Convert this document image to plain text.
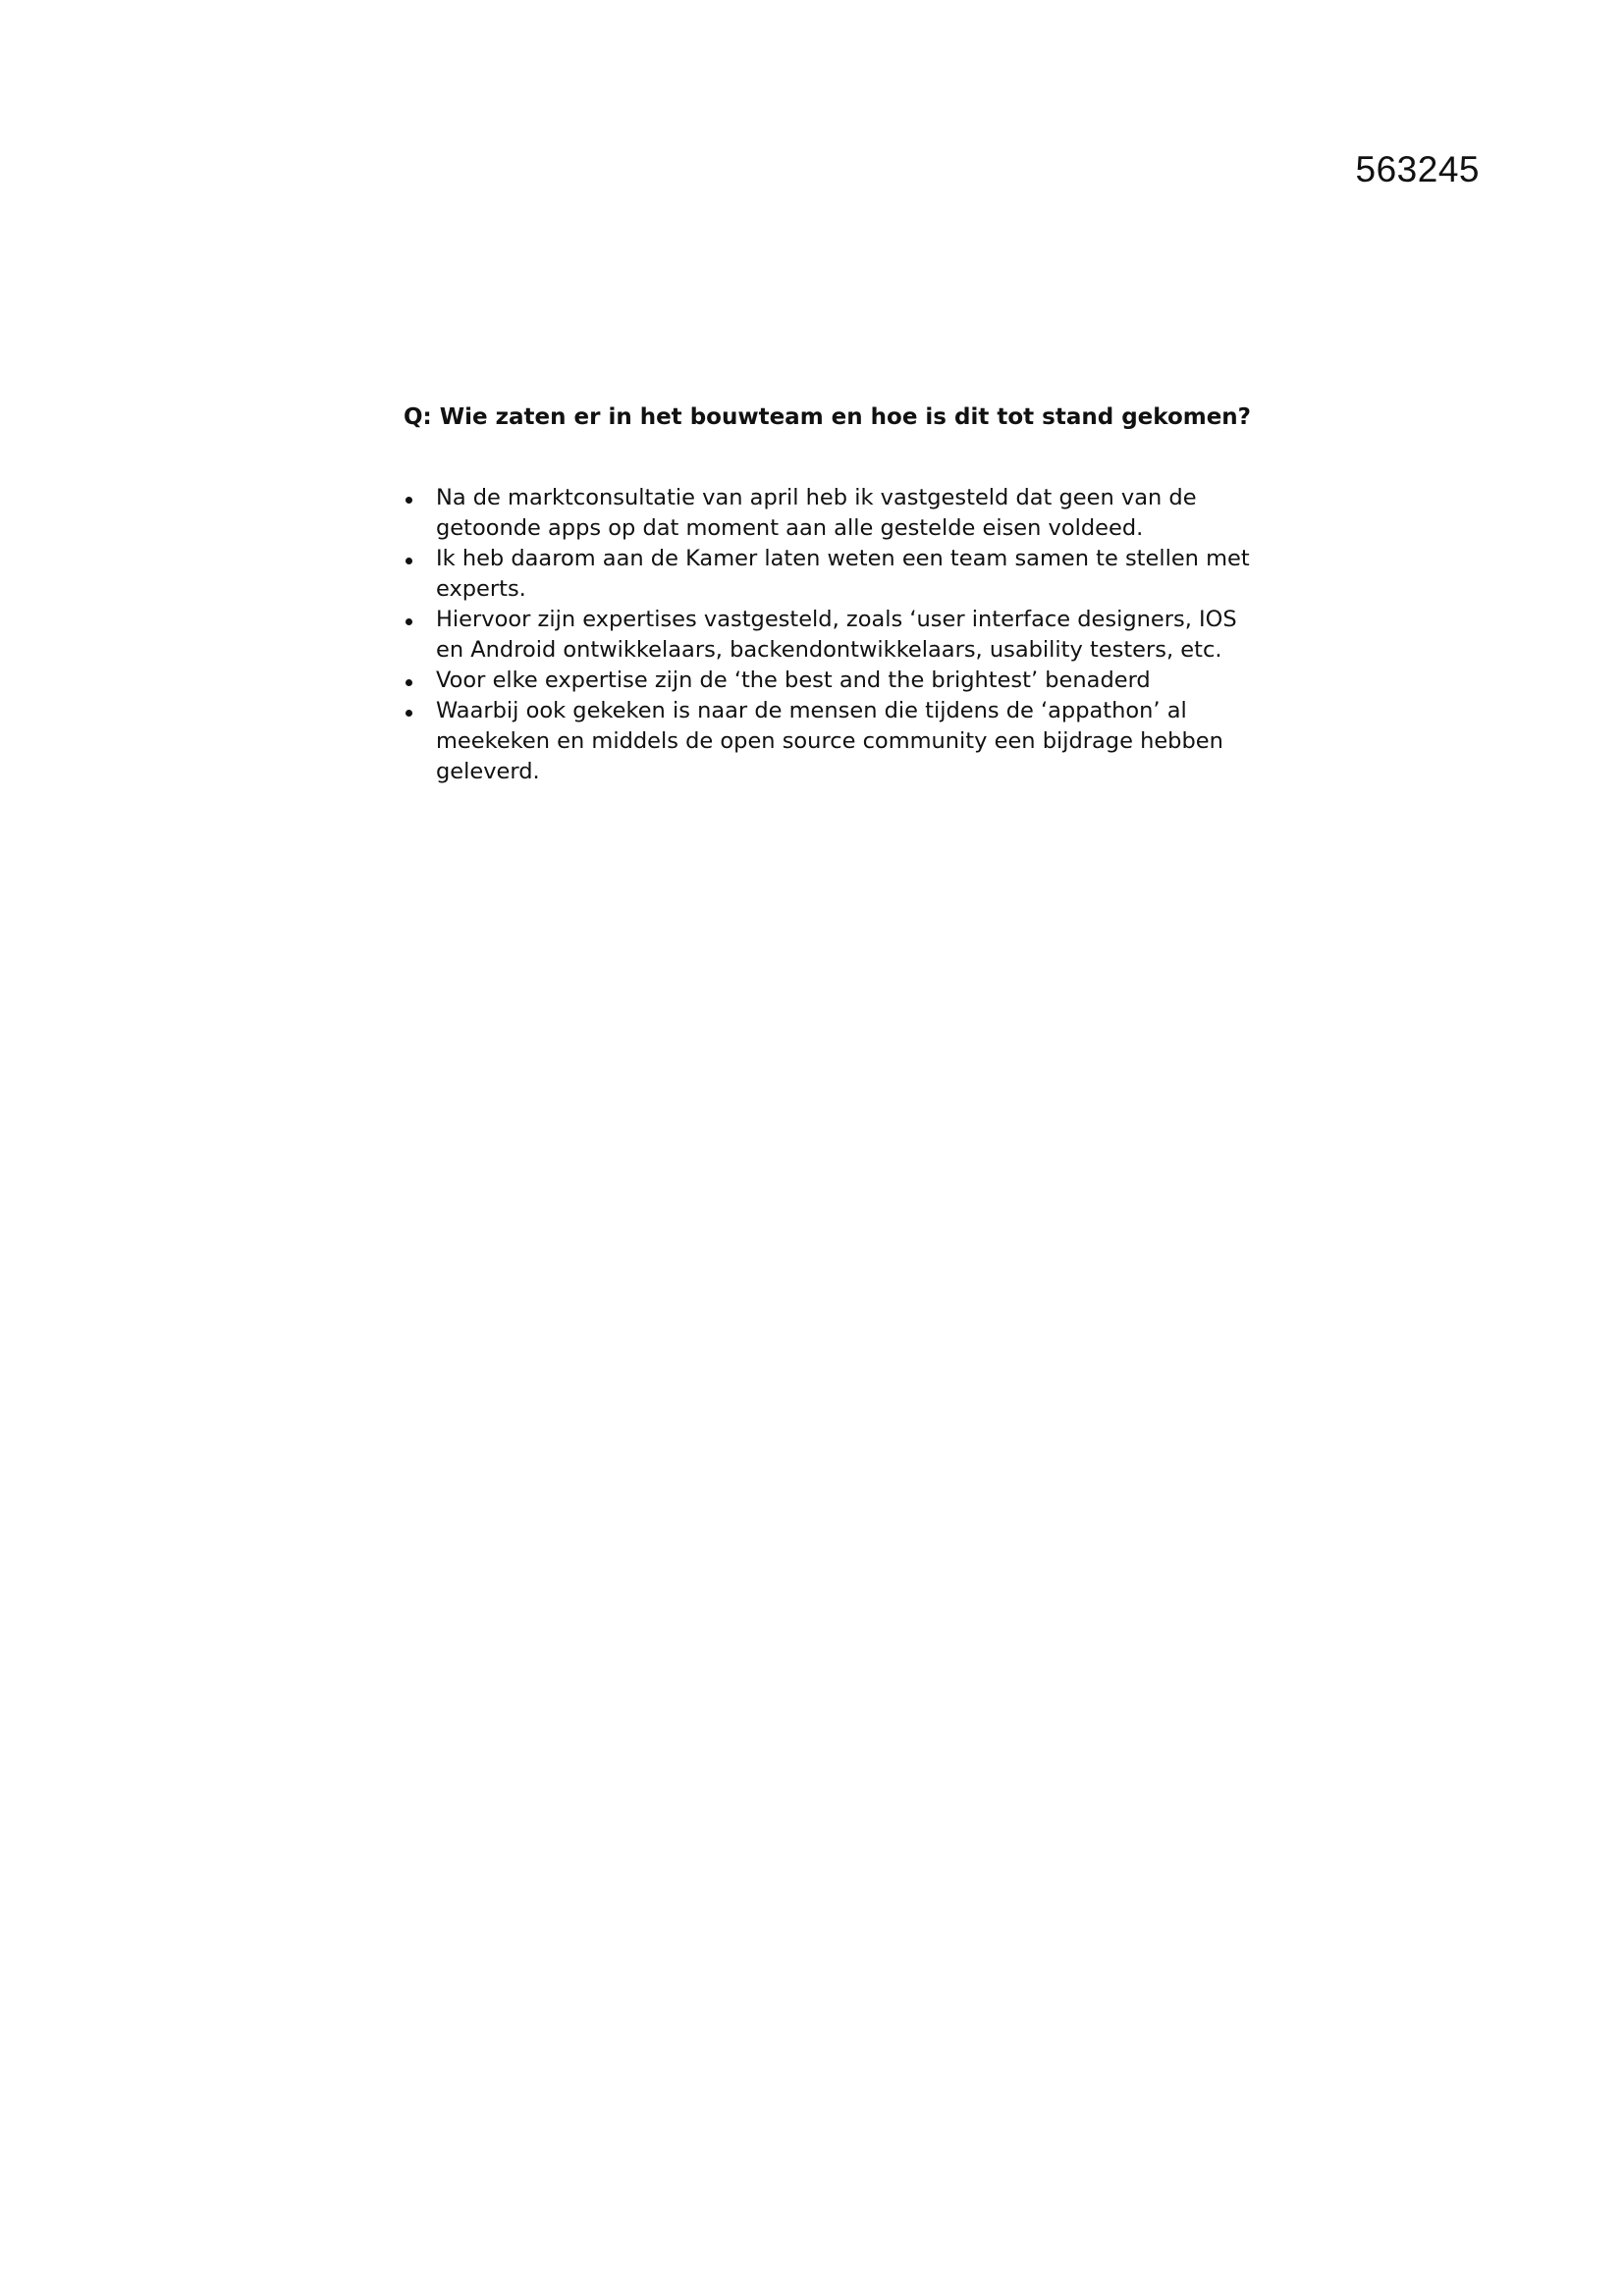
563245
Q: Wie zaten er in het bouwteam en hoe is dit tot stand gekomen?
Na de marktconsultatie van april heb ik vastgesteld dat geen van de getoonde apps op dat moment aan alle gestelde eisen voldeed.
Ik heb daarom aan de Kamer laten weten een team samen te stellen met experts.
Hiervoor zijn expertises vastgesteld, zoals ‘user interface designers, IOS en Android ontwikkelaars, backendontwikkelaars, usability testers, etc.
Voor elke expertise zijn de ‘the best and the brightest’ benaderd
Waarbij ook gekeken is naar de mensen die tijdens de ‘appathon’ al meekeken en middels de open source community een bijdrage hebben geleverd.
